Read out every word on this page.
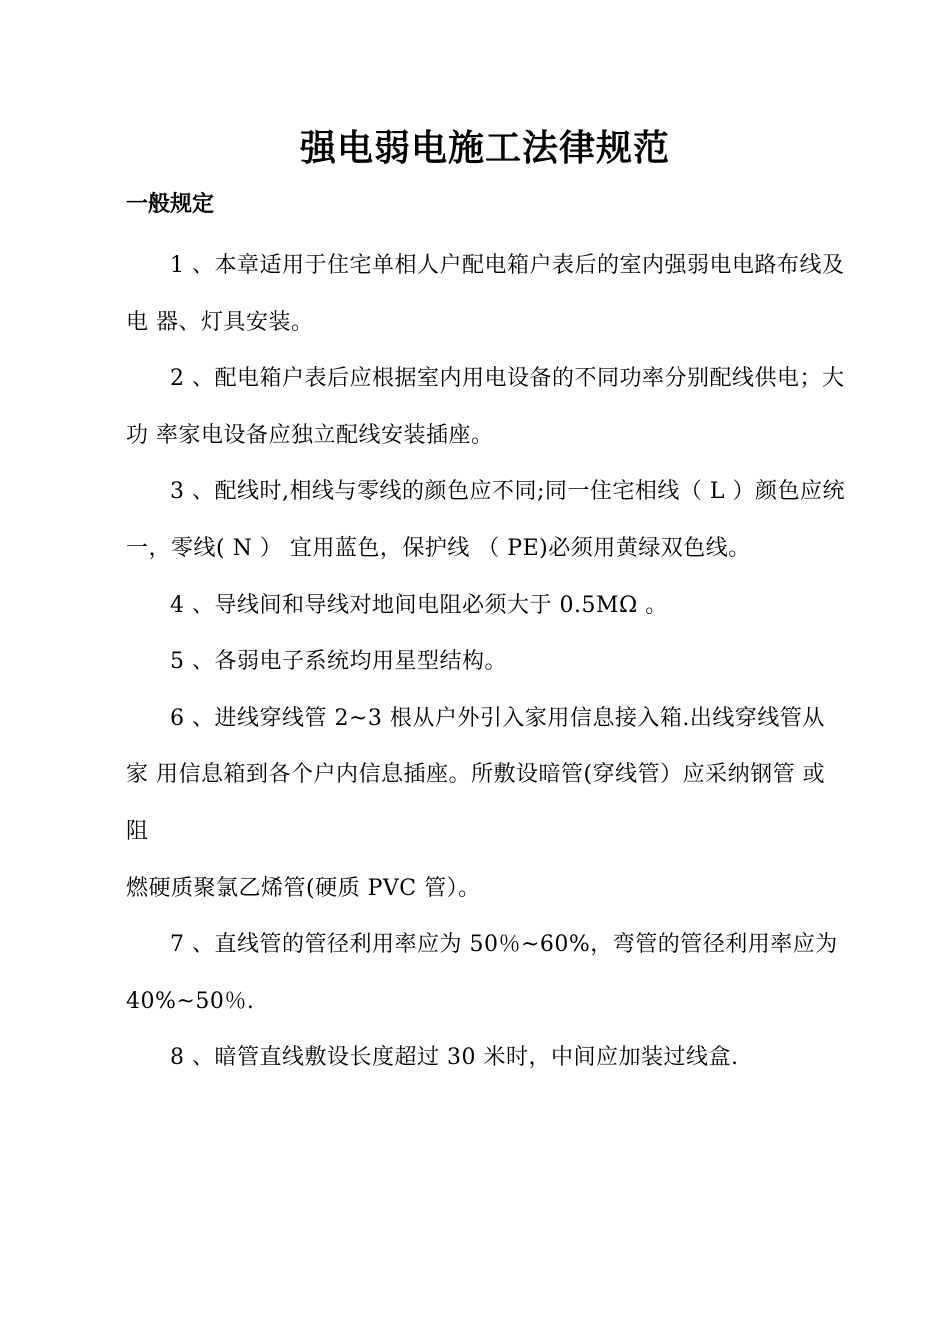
强电弱电施工法律规范
一般规定

1 、本章适用于住宅单相人户配电箱户表后的室内强弱电电路布线及电 器、灯具安装。

2 、配电箱户表后应根据室内用电设备的不同功率分别配线供电；大功 率家电设备应独立配线安装插座。

3 、配线时,相线与零线的颜色应不同;同一住宅相线（ L ）颜色应统 一，零线( N ） 宜用蓝色，保护线 （ PE)必须用黄绿双色线。

4 、导线间和导线对地间电阻必须大于 0.5MΩ 。

5 、各弱电子系统均用星型结构。

6 、进线穿线管 2~3 根从户外引入家用信息接入箱.出线穿线管从家 用信息箱到各个户内信息插座。所敷设暗管(穿线管）应采纳钢管 或阻

燃硬质聚氯乙烯管(硬质 PVC 管）。

7 、直线管的管径利用率应为 50％~60%，弯管的管径利用率应为 40%~50％.

8 、暗管直线敷设长度超过 30 米时，中间应加装过线盒.
